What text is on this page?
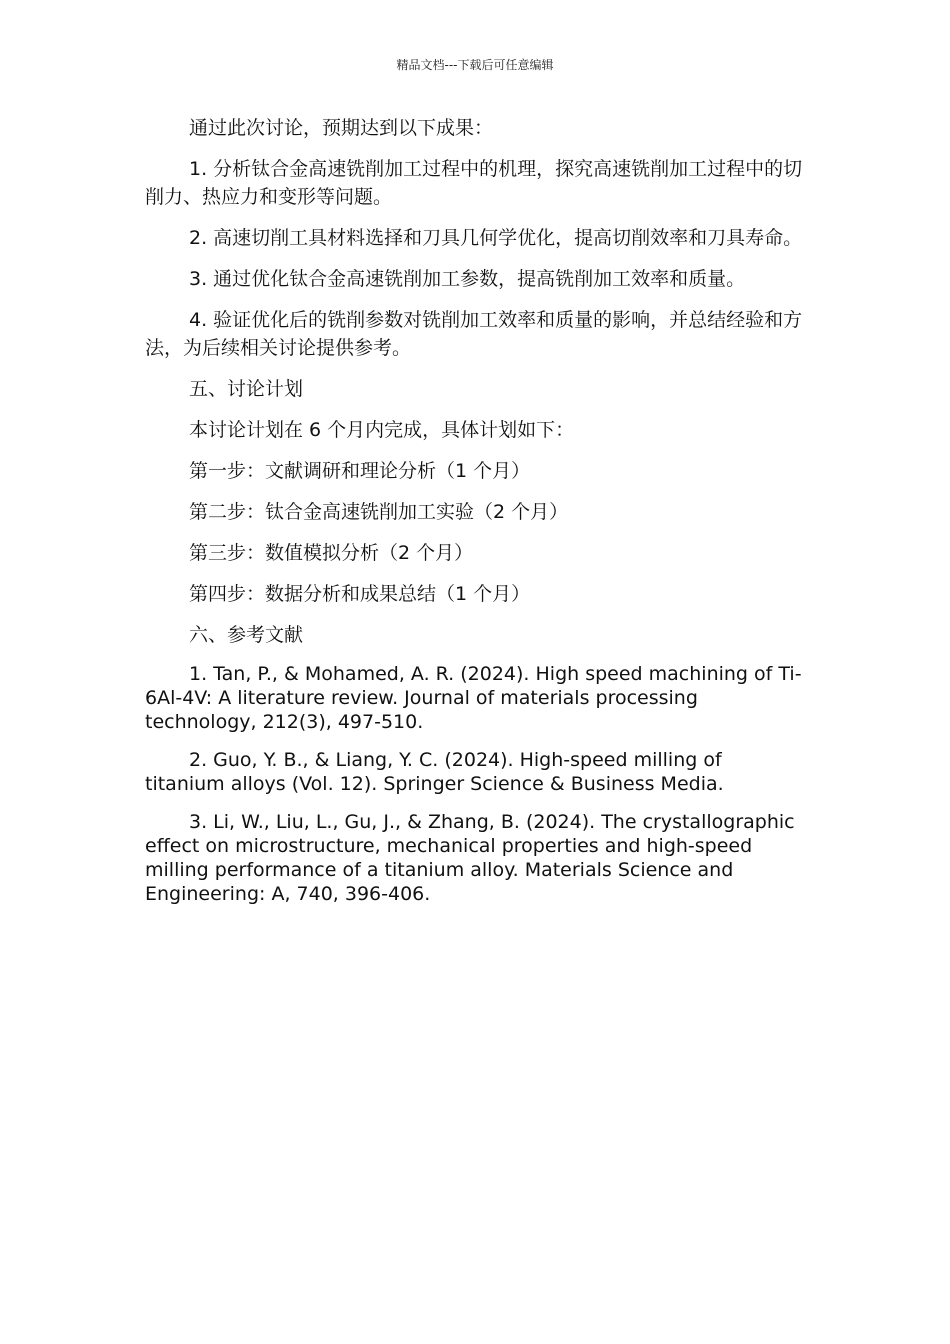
精品文档---下载后可任意编辑

通过此次讨论，预期达到以下成果：

1. 分析钛合金高速铣削加工过程中的机理，探究高速铣削加工过程中的切削力、热应力和变形等问题。

2. 高速切削工具材料选择和刀具几何学优化，提高切削效率和刀具寿命。

3. 通过优化钛合金高速铣削加工参数，提高铣削加工效率和质量。

4. 验证优化后的铣削参数对铣削加工效率和质量的影响，并总结经验和方法，为后续相关讨论提供参考。

五、讨论计划

本讨论计划在 6 个月内完成，具体计划如下：

第一步：文献调研和理论分析（1 个月）

第二步：钛合金高速铣削加工实验（2 个月）

第三步：数值模拟分析（2 个月）

第四步：数据分析和成果总结（1 个月）

六、参考文献

1. Tan, P., & Mohamed, A. R. (2024). High speed machining of Ti-6Al-4V: A literature review. Journal of materials processing technology, 212(3), 497-510.

2. Guo, Y. B., & Liang, Y. C. (2024). High-speed milling of titanium alloys (Vol. 12). Springer Science & Business Media.

3. Li, W., Liu, L., Gu, J., & Zhang, B. (2024). The crystallographic effect on microstructure, mechanical properties and high-speed milling performance of a titanium alloy. Materials Science and Engineering: A, 740, 396-406.
